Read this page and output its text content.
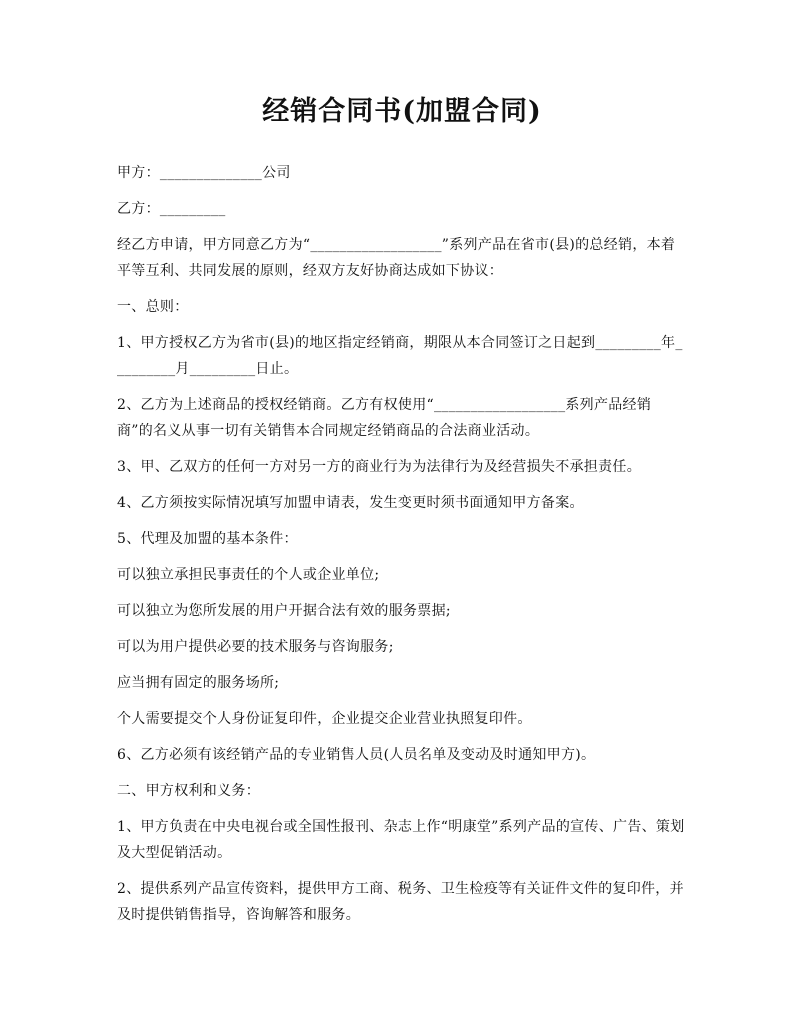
经销合同书(加盟合同)

甲方：______________公司

乙方：_________

经乙方申请，甲方同意乙方为“__________________”系列产品在省市(县)的总经销，本着平等互利、共同发展的原则，经双方友好协商达成如下协议：

一、总则：

1、甲方授权乙方为省市(县)的地区指定经销商，期限从本合同签订之日起到_________年_________月_________日止。

2、乙方为上述商品的授权经销商。乙方有权使用“__________________系列产品经销商”的名义从事一切有关销售本合同规定经销商品的合法商业活动。

3、甲、乙双方的任何一方对另一方的商业行为为法律行为及经营损失不承担责任。

4、乙方须按实际情况填写加盟申请表，发生变更时须书面通知甲方备案。

5、代理及加盟的基本条件：

可以独立承担民事责任的个人或企业单位;

可以独立为您所发展的用户开据合法有效的服务票据;

可以为用户提供必要的技术服务与咨询服务;

应当拥有固定的服务场所;

个人需要提交个人身份证复印件，企业提交企业营业执照复印件。

6、乙方必须有该经销产品的专业销售人员(人员名单及变动及时通知甲方)。

二、甲方权利和义务：

1、甲方负责在中央电视台或全国性报刊、杂志上作“明康堂”系列产品的宣传、广告、策划及大型促销活动。

2、提供系列产品宣传资料，提供甲方工商、税务、卫生检疫等有关证件文件的复印件，并及时提供销售指导，咨询解答和服务。
